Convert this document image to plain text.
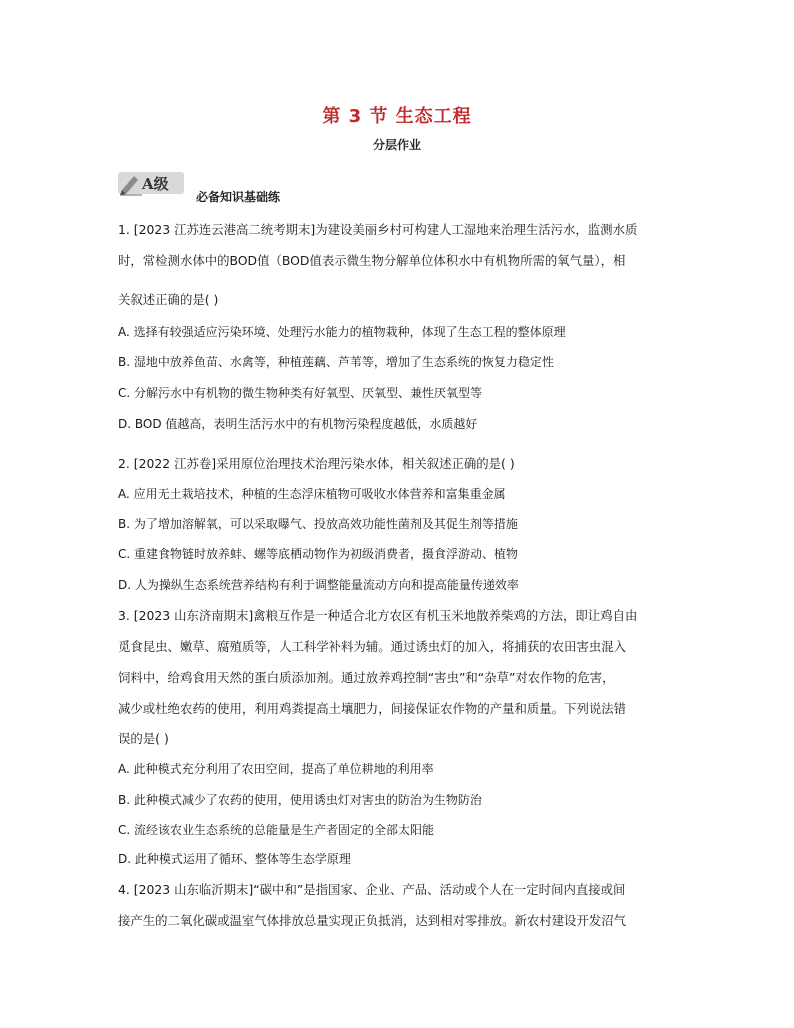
第 3 节 生态工程
分层作业
A级
必备知识基础练
1. [2023 江苏连云港高二统考期末]为建设美丽乡村可构建人工湿地来治理生活污水，监测水质
时，常检测水体中的BOD值（BOD值表示微生物分解单位体积水中有机物所需的氧气量），相
关叙述正确的是( )
A. 选择有较强适应污染环境、处理污水能力的植物栽种，体现了生态工程的整体原理
B. 湿地中放养鱼苗、水禽等，种植莲藕、芦苇等，增加了生态系统的恢复力稳定性
C. 分解污水中有机物的微生物种类有好氧型、厌氧型、兼性厌氧型等
D. BOD 值越高，表明生活污水中的有机物污染程度越低，水质越好
2. [2022 江苏卷]采用原位治理技术治理污染水体，相关叙述正确的是( )
A. 应用无土栽培技术，种植的生态浮床植物可吸收水体营养和富集重金属
B. 为了增加溶解氧，可以采取曝气、投放高效功能性菌剂及其促生剂等措施
C. 重建食物链时放养蚌、螺等底栖动物作为初级消费者，摄食浮游动、植物
D. 人为操纵生态系统营养结构有利于调整能量流动方向和提高能量传递效率
3. [2023 山东济南期末]禽粮互作是一种适合北方农区有机玉米地散养柴鸡的方法，即让鸡自由
觅食昆虫、嫩草、腐殖质等，人工科学补料为辅。通过诱虫灯的加入，将捕获的农田害虫混入
饲料中，给鸡食用天然的蛋白质添加剂。通过放养鸡控制“害虫”和“杂草”对农作物的危害，
减少或杜绝农药的使用，利用鸡粪提高土壤肥力，间接保证农作物的产量和质量。下列说法错
误的是( )
A. 此种模式充分利用了农田空间，提高了单位耕地的利用率
B. 此种模式减少了农药的使用，使用诱虫灯对害虫的防治为生物防治
C. 流经该农业生态系统的总能量是生产者固定的全部太阳能
D. 此种模式运用了循环、整体等生态学原理
4. [2023 山东临沂期末]“碳中和”是指国家、企业、产品、活动或个人在一定时间内直接或间
接产生的二氧化碳或温室气体排放总量实现正负抵消，达到相对零排放。新农村建设开发沼气
